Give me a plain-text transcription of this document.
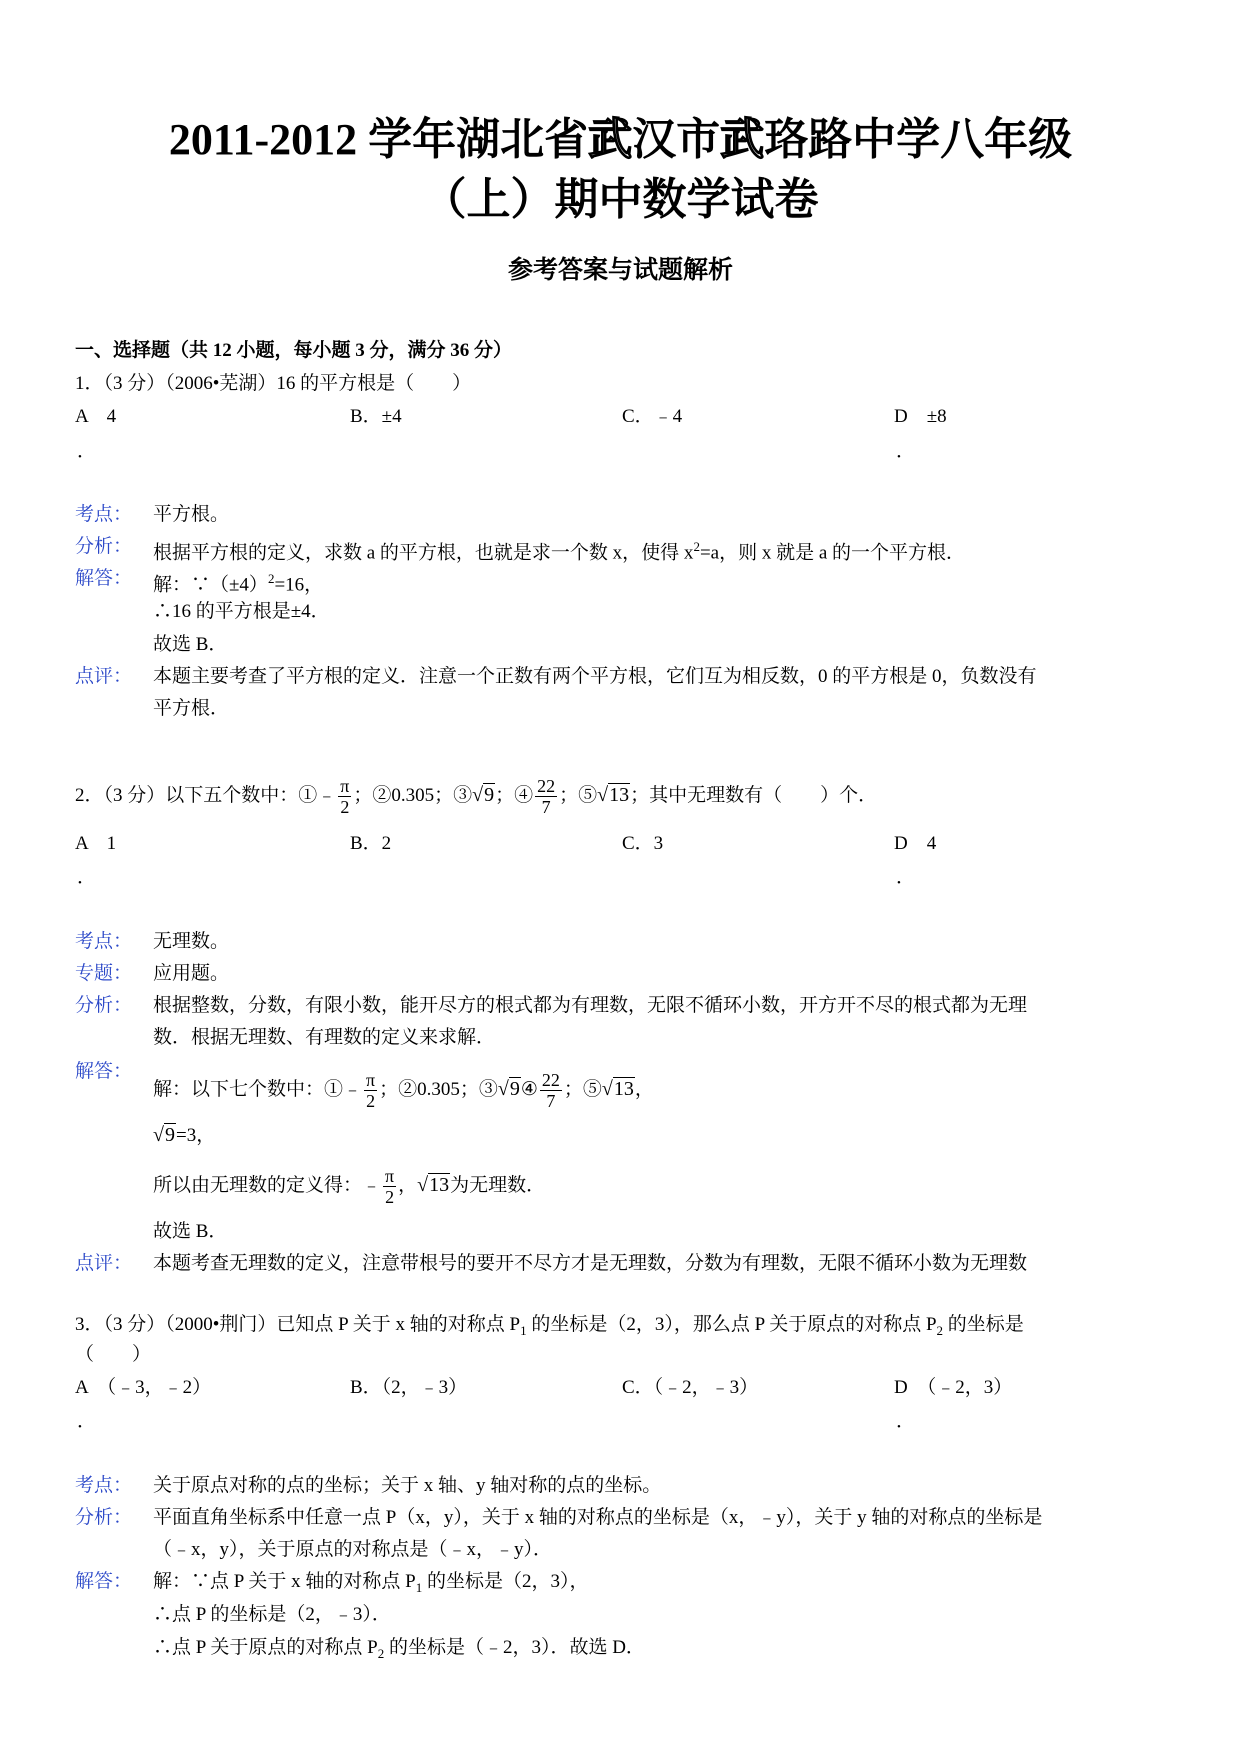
2011-2012 学年湖北省武汉市武珞路中学八年级
（上）期中数学试卷
参考答案与试题解析
一、选择题（共 12 小题，每小题 3 分，满分 36 分）
1．（3 分）（2006•芜湖）16 的平方根是（　　）
A　4	B．±4	C．﹣4	D　±8
．	．
考点： 平方根。
分析： 根据平方根的定义，求数 a 的平方根，也就是求一个数 x，使得 $x^2=a$，则 x 就是 a 的一个平方根．
解答： 解：$\because(\pm 4)^2=16$，
∴16 的平方根是±4．
故选 B．
点评： 本题主要考查了平方根的定义．注意一个正数有两个平方根，它们互为相反数，0 的平方根是 0，负数没有
平方根．
2．（3 分）以下五个数中：①﹣ $\frac{\pi}{2}$ ；②0.305；③√9；④ $\frac{22}{7}$ ；⑤√13；其中无理数有（　　）个．
A　1	B．2	C．3	D　4
．	．
考点： 无理数。
专题： 应用题。
分析： 根据整数，分数，有限小数，能开尽方的根式都为有理数，无限不循环小数，开方开不尽的根式都为无理
数．根据无理数、有理数的定义来求解．
解答：
解：以下七个数中：①﹣ $\frac{\pi}{2}$ ；②0.305；③√9④ $\frac{22}{7}$ ；⑤√13，
√9=3，
所以由无理数的定义得：﹣ $\frac{\pi}{2}$ ，√13为无理数．
故选 B．
点评： 本题考查无理数的定义，注意带根号的要开不尽方才是无理数，分数为有理数，无限不循环小数为无理数
3．（3 分）（2000•荆门）已知点 P 关于 x 轴的对称点 $P_1$ 的坐标是（2，3），那么点 P 关于原点的对称点 $P_2$ 的坐标是
（　　）
A　（﹣3，﹣2）	B．（2，﹣3）	C．（﹣2，﹣3）	D　（﹣2，3）
．	．
考点： 关于原点对称的点的坐标；关于 x 轴、y 轴对称的点的坐标。
分析： 平面直角坐标系中任意一点 P（x，y），关于 x 轴的对称点的坐标是（x，﹣y），关于 y 轴的对称点的坐标是
（﹣x，y），关于原点的对称点是（﹣x，﹣y）．
解答： 解：∵点 P 关于 x 轴的对称点 $P_1$ 的坐标是（2，3），
∴点 P 的坐标是（2，﹣3）．
∴点 P 关于原点的对称点 $P_2$ 的坐标是（﹣2，3）．故选 D．
